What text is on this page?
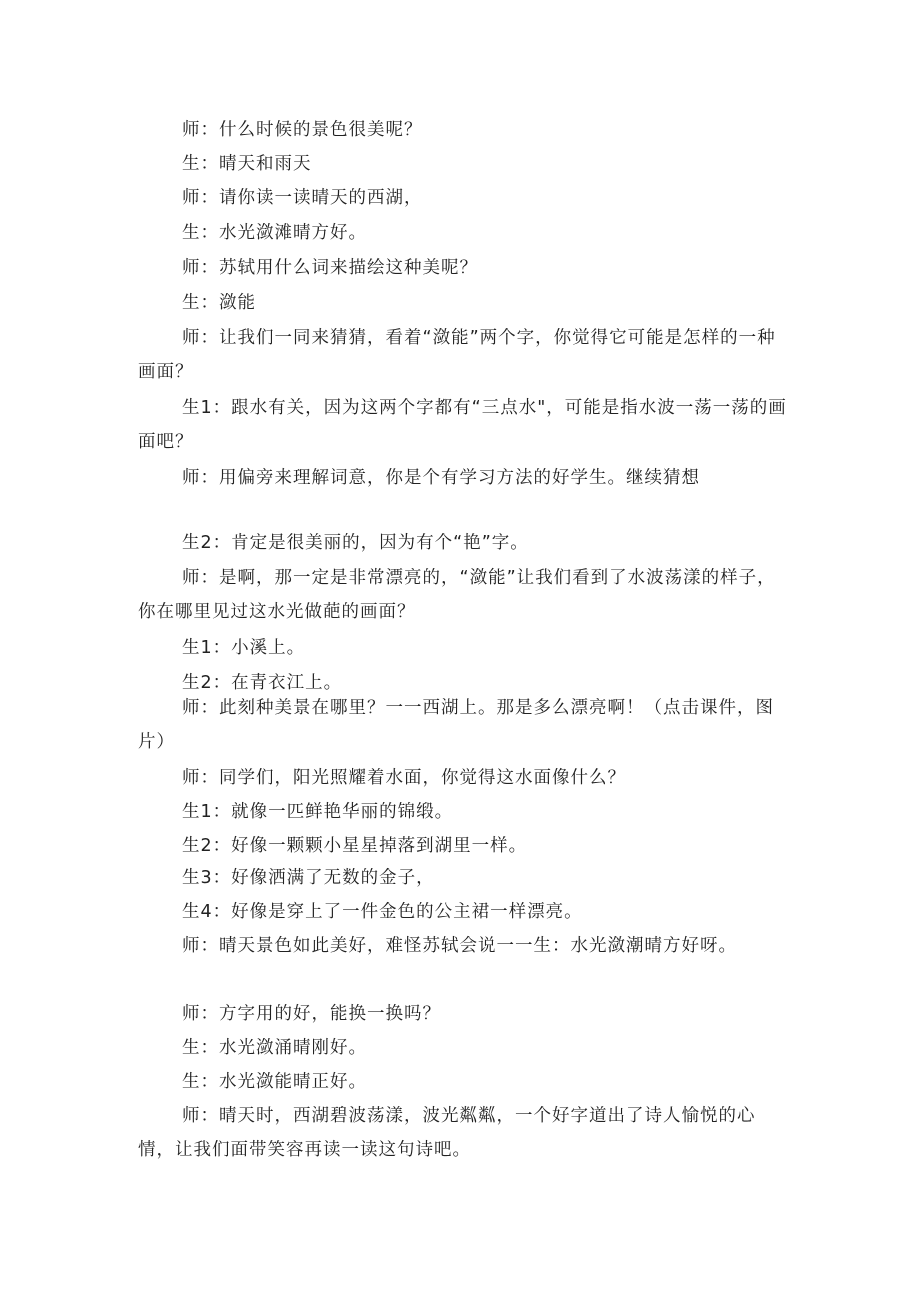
师：什么时候的景色很美呢？

生：晴天和雨天

师：请你读一读晴天的西湖，

生：水光潋滩晴方好。

师：苏轼用什么词来描绘这种美呢？

生：潋能

师：让我们一同来猜猜，看着“潋能”两个字，你觉得它可能是怎样的一种画面？

生1：跟水有关，因为这两个字都有“三点水"，可能是指水波一荡一荡的画面吧？

师：用偏旁来理解词意，你是个有学习方法的好学生。继续猜想

生2：肯定是很美丽的，因为有个“艳”字。

师：是啊，那一定是非常漂亮的，“潋能”让我们看到了水波荡漾的样子，你在哪里见过这水光做葩的画面？

生1：小溪上。

生2：在青衣江上。

师：此刻种美景在哪里？一一西湖上。那是多么漂亮啊！（点击课件，图片）

师：同学们，阳光照耀着水面，你觉得这水面像什么？

生1：就像一匹鲜艳华丽的锦缎。

生2：好像一颗颗小星星掉落到湖里一样。

生3：好像洒满了无数的金子，

生4：好像是穿上了一件金色的公主裙一样漂亮。

师：晴天景色如此美好，难怪苏轼会说一一生：水光潋潮晴方好呀。

师：方字用的好，能换一换吗？

生：水光潋涌晴刚好。

生：水光潋能晴正好。

师：晴天时，西湖碧波荡漾，波光粼粼，一个好字道出了诗人愉悦的心情，让我们面带笑容再读一读这句诗吧。
